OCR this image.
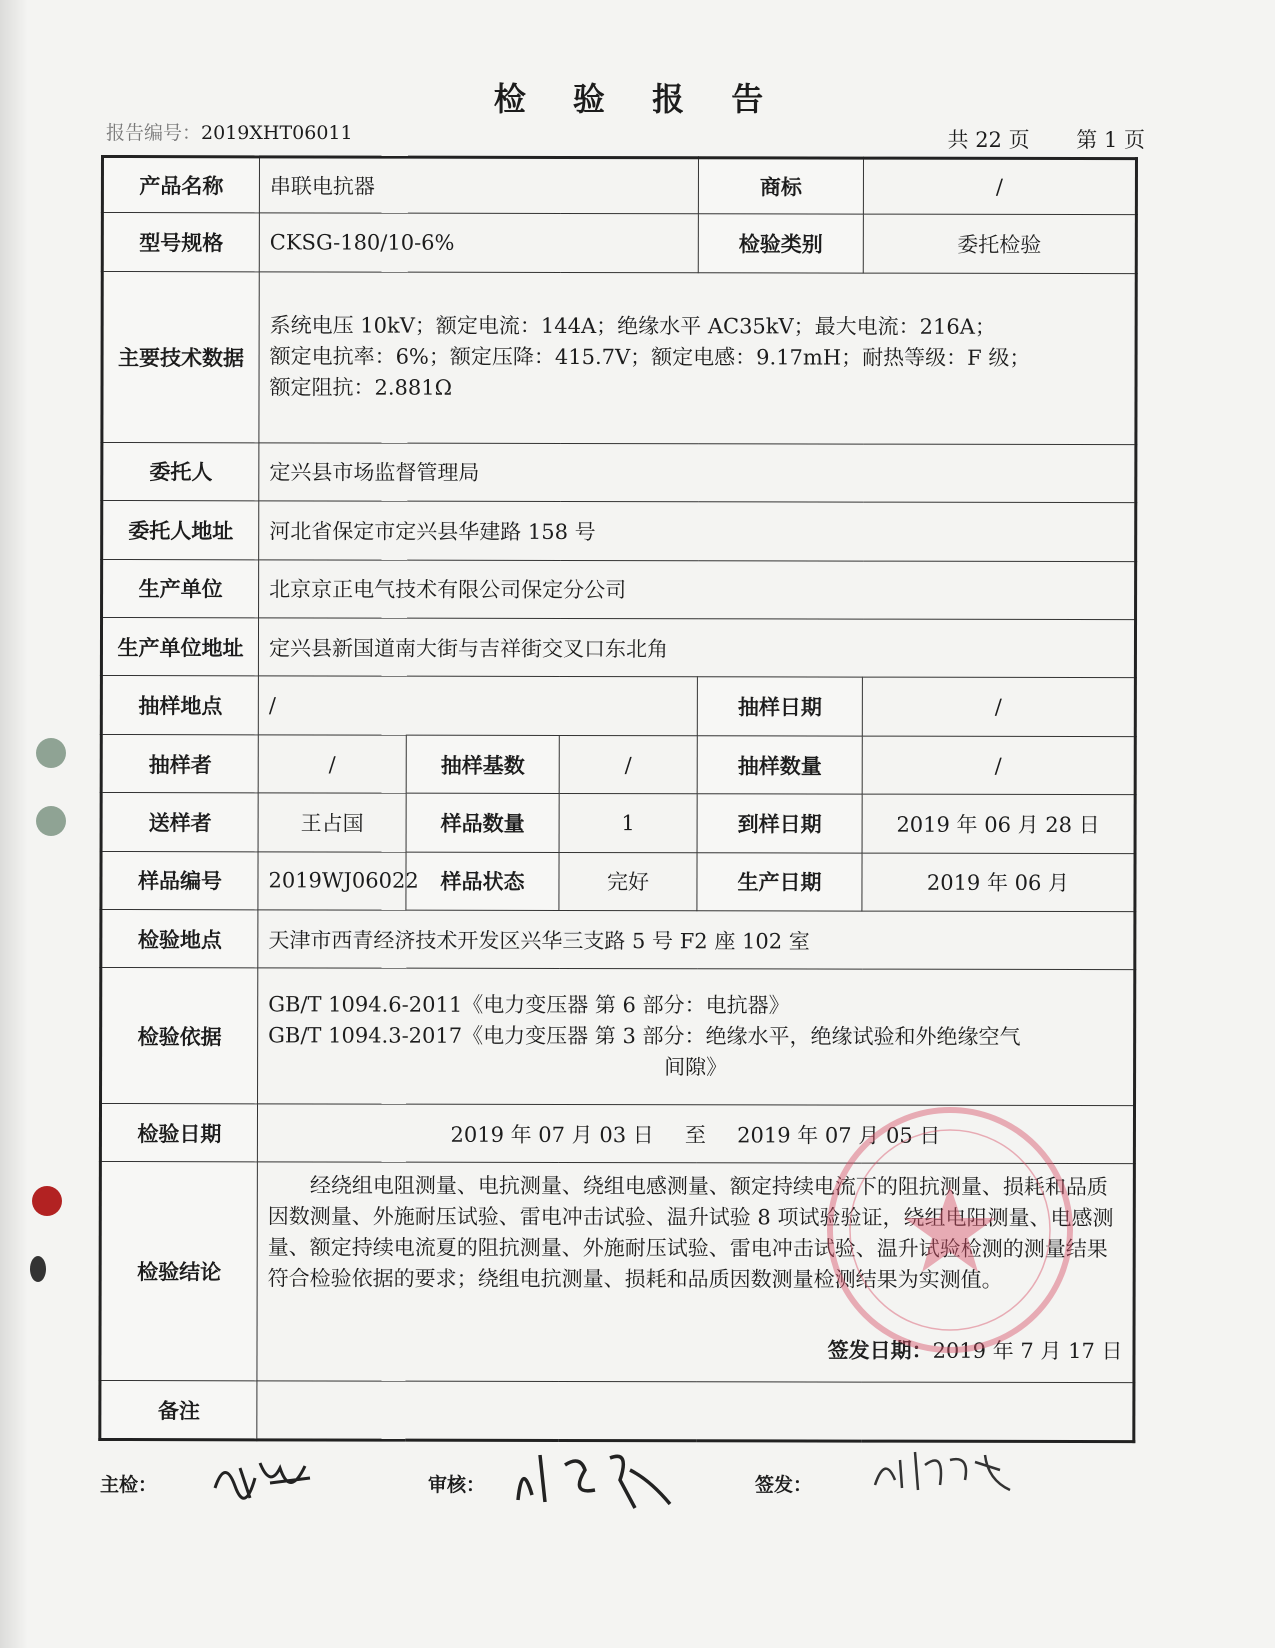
检 验 报 告
报告编号：2019XHT06011	共 22 页 第 1 页
产品名称	串联电抗器			商标	/
型号规格	CKSG-180/10-6%			检验类别	委托检验
主要技术数据	系统电压 10kV；额定电流：144A；绝缘水平 AC35kV；最大电流：216A；
额定电抗率：6%；额定压降：415.7V；额定电感：9.17mH；耐热等级：F 级；
额定阻抗：2.881Ω				

委托人	定兴县市场监督管理局				
委托人地址	河北省保定市定兴县华建路 158 号				
生产单位	北京京正电气技术有限公司保定分公司				
生产单位地址	定兴县新国道南大街与吉祥街交叉口东北角				
抽样地点	/			抽样日期	/
抽样者	/	抽样基数	/	抽样数量	/
送样者	王占国	样品数量	1	到样日期	2019 年 06 月 28 日
样品编号	2019WJ06022	样品状态	完好	生产日期	2019 年 06 月
检验地点	天津市西青经济技术开发区兴华三支路 5 号 F2 座 102 室				
检验依据	GB/T 1094.6-2011《电力变压器 第 6 部分：电抗器》
GB/T 1094.3-2017《电力变压器 第 3 部分：绝缘水平，绝缘试验和外绝缘空气
间隙》				

检验日期	2019 年 07 月 03 日 至 2019 年 07 月 05 日				
检验结论	经绕组电阻测量、电抗测量、绕组电感测量、额定持续电流下的阻抗测量、损耗和品质因数测量、外施耐压试验、雷电冲击试验、温升试验 8 项试验验证，绕组电阻测量、电感测量、额定持续电流夏的阻抗测量、外施耐压试验、雷电冲击试验、温升试验检测的测量结果符合检验依据的要求；绕组电抗测量、损耗和品质因数测量检测结果为实测值。
签发日期：2019 年 7 月 17 日				

备注					
主检：	审核：	签发：
